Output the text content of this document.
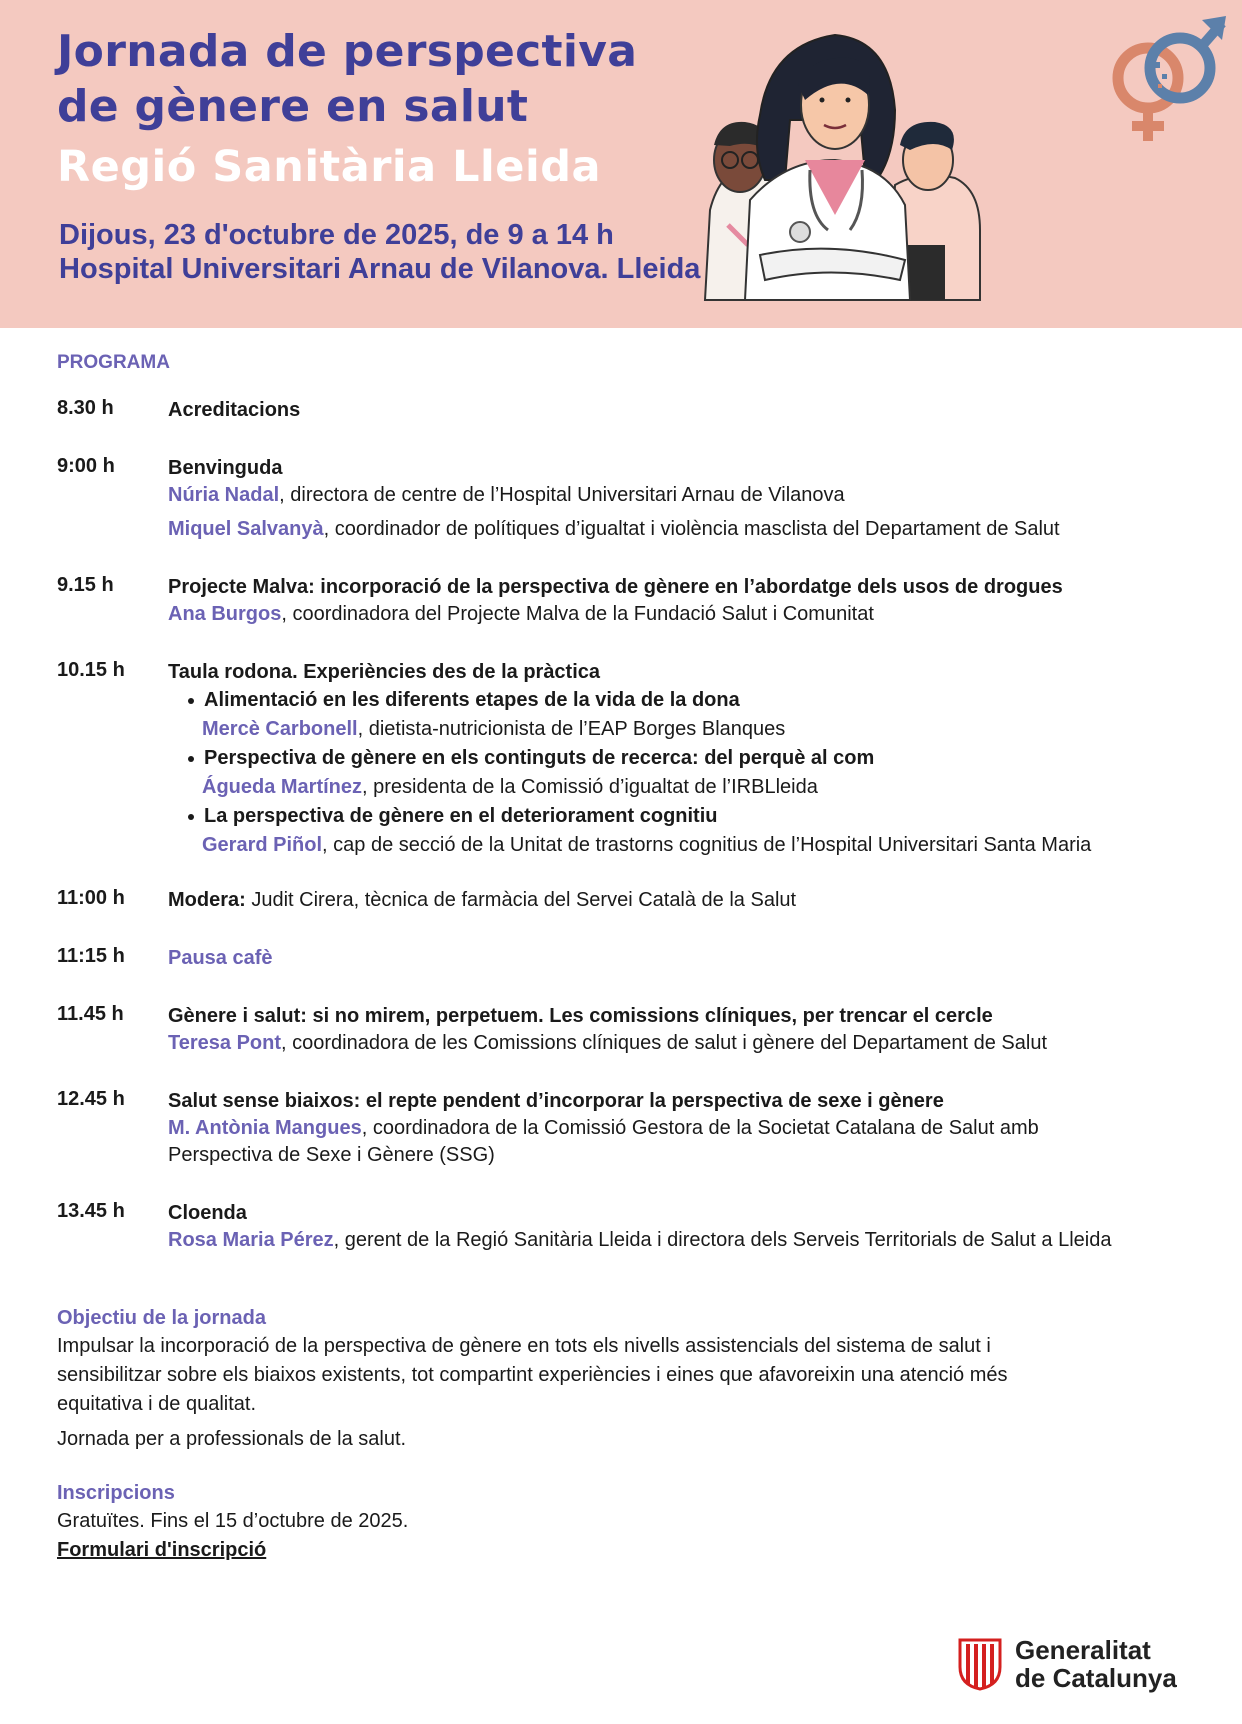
Jornada de perspectiva
de gènere en salut
Regió Sanitària Lleida
Dijous, 23 d'octubre de 2025, de 9 a 14 h
Hospital Universitari Arnau de Vilanova. Lleida
PROGRAMA
8.30 h	Acreditacions
9:00 h	Benvinguda
Núria Nadal, directora de centre de l’Hospital Universitari Arnau de Vilanova
Miquel Salvanyà, coordinador de polítiques d’igualtat i violència masclista del Departament de Salut
9.15 h	Projecte Malva: incorporació de la perspectiva de gènere en l’abordatge dels usos de drogues
Ana Burgos, coordinadora del Projecte Malva de la Fundació Salut i Comunitat
10.15 h Taula rodona. Experiències des de la pràctica
Alimentació en les diferents etapes de la vida de la dona
Mercè Carbonell, dietista-nutricionista de l’EAP Borges Blanques
Perspectiva de gènere en els continguts de recerca: del perquè al com
Águeda Martínez, presidenta de la Comissió d’igualtat de l’IRBLleida
La perspectiva de gènere en el deteriorament cognitiu
Gerard Piñol, cap de secció de la Unitat de trastorns cognitius de l’Hospital Universitari Santa Maria
11:00 h Modera: Judit Cirera, tècnica de farmàcia del Servei Català de la Salut
11:15 h Pausa cafè
11.45 h Gènere i salut: si no mirem, perpetuem. Les comissions clíniques, per trencar el cercle
Teresa Pont, coordinadora de les Comissions clíniques de salut i gènere del Departament de Salut
12.45 h Salut sense biaixos: el repte pendent d’incorporar la perspectiva de sexe i gènere
M. Antònia Mangues, coordinadora de la Comissió Gestora de la Societat Catalana de Salut amb
Perspectiva de Sexe i Gènere (SSG)
13.45 h Cloenda
Rosa Maria Pérez, gerent de la Regió Sanitària Lleida i directora dels Serveis Territorials de Salut a Lleida
Objectiu de la jornada
Impulsar la incorporació de la perspectiva de gènere en tots els nivells assistencials del sistema de salut i
sensibilitzar sobre els biaixos existents, tot compartint experiències i eines que afavoreixin una atenció més
equitativa i de qualitat.
Jornada per a professionals de la salut.
Inscripcions
Gratuïtes. Fins el 15 d’octubre de 2025.
Formulari d'inscripció
Generalitat
de Catalunya
